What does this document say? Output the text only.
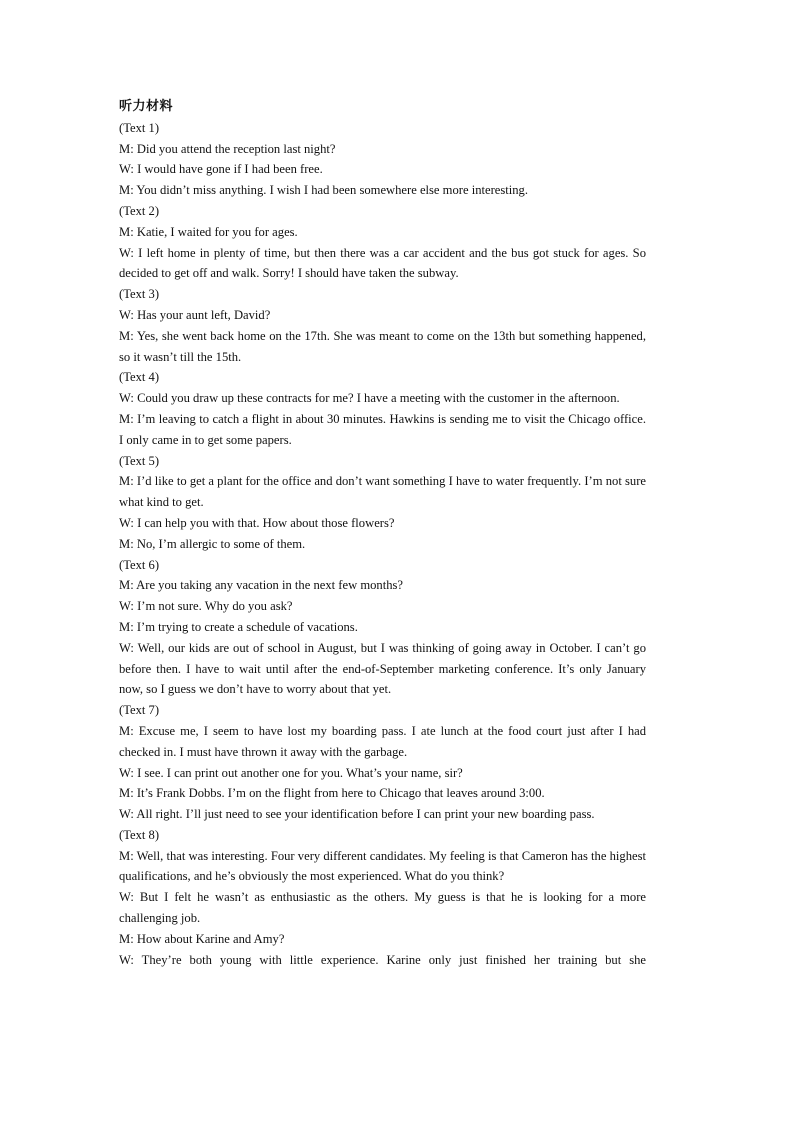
听力材料
(Text 1)
M: Did you attend the reception last night?
W: I would have gone if I had been free.
M: You didn’t miss anything. I wish I had been somewhere else more interesting.
(Text 2)
M: Katie, I waited for you for ages.
W: I left home in plenty of time, but then there was a car accident and the bus got stuck for ages. So decided to get off and walk. Sorry! I should have taken the subway.
(Text 3)
W: Has your aunt left, David?
M: Yes, she went back home on the 17th. She was meant to come on the 13th but something happened, so it wasn’t till the 15th.
(Text 4)
W: Could you draw up these contracts for me? I have a meeting with the customer in the afternoon.
M: I’m leaving to catch a flight in about 30 minutes. Hawkins is sending me to visit the Chicago office. I only came in to get some papers.
(Text 5)
M: I’d like to get a plant for the office and don’t want something I have to water frequently. I’m not sure what kind to get.
W: I can help you with that. How about those flowers?
M: No, I’m allergic to some of them.
(Text 6)
M: Are you taking any vacation in the next few months?
W: I’m not sure. Why do you ask?
M: I’m trying to create a schedule of vacations.
W: Well, our kids are out of school in August, but I was thinking of going away in October. I can’t go before then. I have to wait until after the end-of-September marketing conference. It’s only January now, so I guess we don’t have to worry about that yet.
(Text 7)
M: Excuse me, I seem to have lost my boarding pass. I ate lunch at the food court just after I had checked in. I must have thrown it away with the garbage.
W: I see. I can print out another one for you. What’s your name, sir?
M: It’s Frank Dobbs. I’m on the flight from here to Chicago that leaves around 3:00.
W: All right. I’ll just need to see your identification before I can print your new boarding pass.
(Text 8)
M: Well, that was interesting. Four very different candidates. My feeling is that Cameron has the highest qualifications, and he’s obviously the most experienced. What do you think?
W: But I felt he wasn’t as enthusiastic as the others. My guess is that he is looking for a more challenging job.
M: How about Karine and Amy?
W: They’re both young with little experience. Karine only just finished her training but she
